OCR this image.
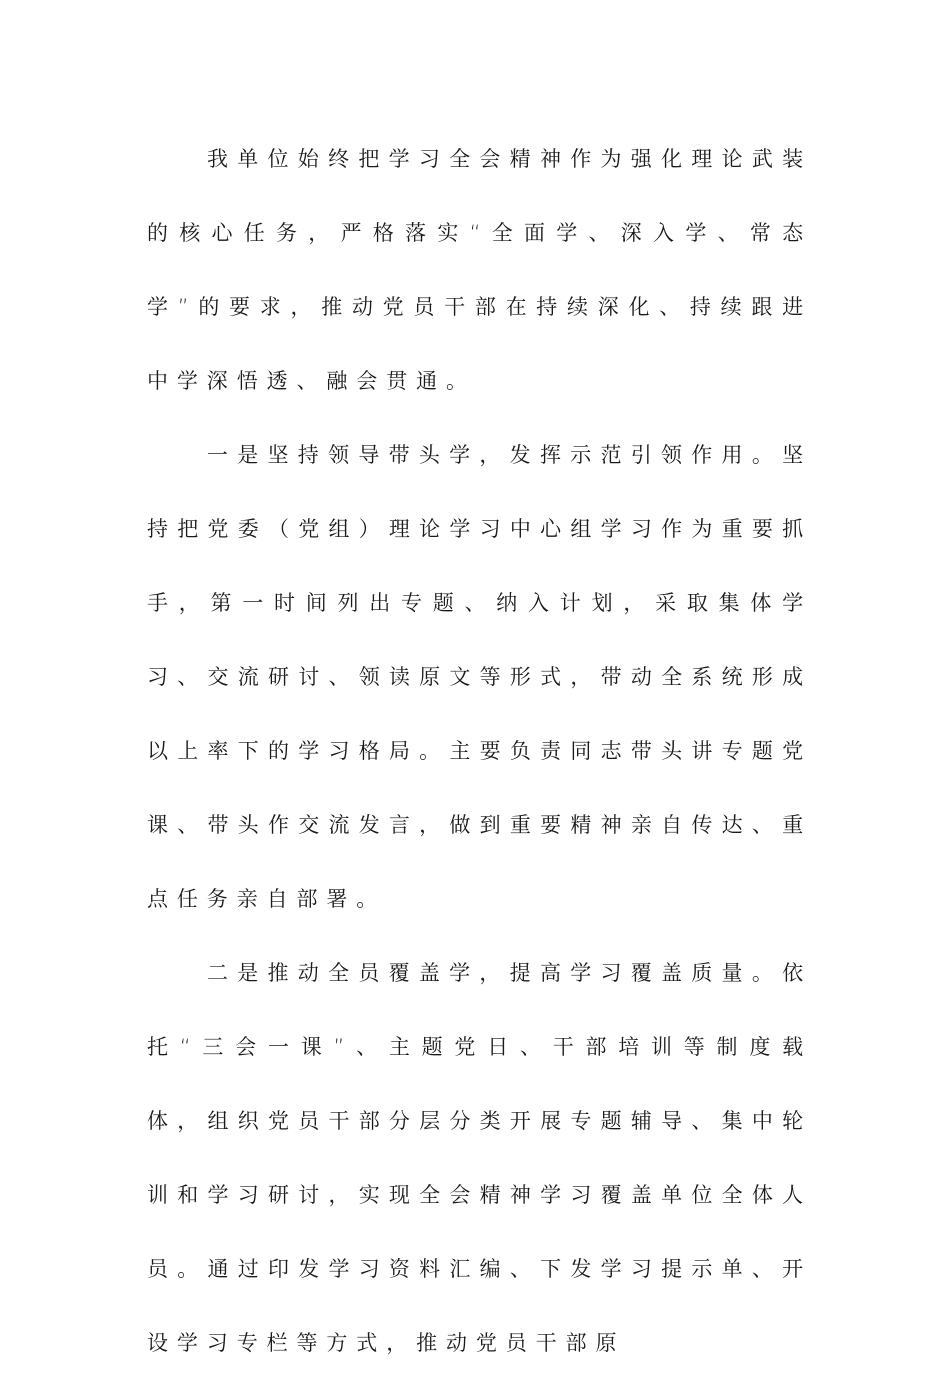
我单位始终把学习全会精神作为强化理论武装的核心任务，严格落实“全面学、深入学、常态学”的要求，推动党员干部在持续深化、持续跟进中学深悟透、融会贯通。

一是坚持领导带头学，发挥示范引领作用。坚持把党委（党组）理论学习中心组学习作为重要抓手，第一时间列出专题、纳入计划，采取集体学习、交流研讨、领读原文等形式，带动全系统形成以上率下的学习格局。主要负责同志带头讲专题党课、带头作交流发言，做到重要精神亲自传达、重点任务亲自部署。

二是推动全员覆盖学，提高学习覆盖质量。依托“三会一课”、主题党日、干部培训等制度载体，组织党员干部分层分类开展专题辅导、集中轮训和学习研讨，实现全会精神学习覆盖单位全体人员。通过印发学习资料汇编、下发学习提示单、开设学习专栏等方式，推动党员干部原
